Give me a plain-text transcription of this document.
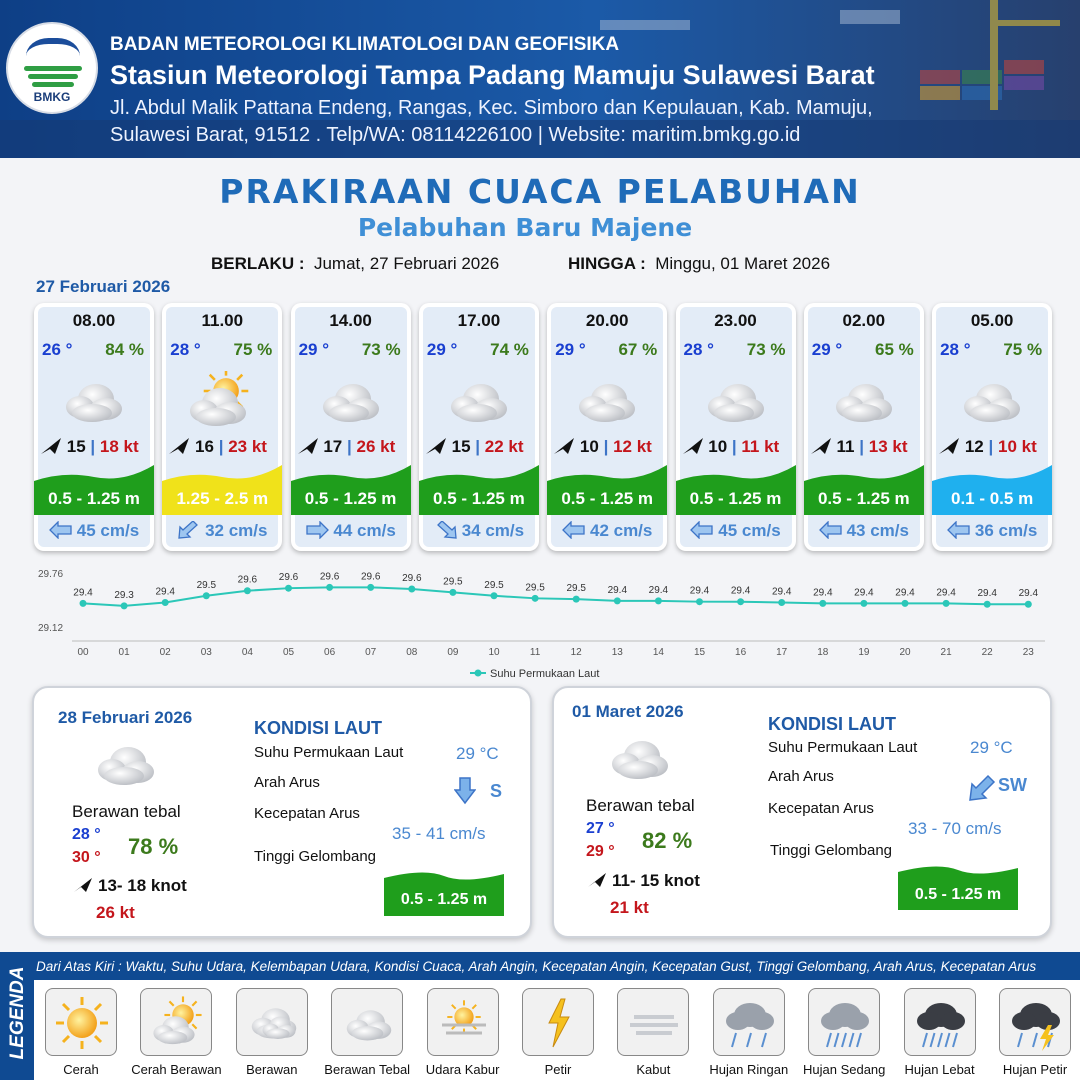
BMKG
BADAN METEOROLOGI KLIMATOLOGI DAN GEOFISIKA
Stasiun Meteorologi Tampa Padang Mamuju Sulawesi Barat
Jl. Abdul Malik Pattana Endeng, Rangas, Kec. Simboro dan Kepulauan, Kab. Mamuju,
Sulawesi Barat, 91512 . Telp/WA: 08114226100 | Website: maritim.bmkg.go.id
PRAKIRAAN CUACA PELABUHAN
Pelabuhan Baru Majene
BERLAKU : Jumat, 27 Februari 2026	HINGGA : Minggu, 01 Maret 2026
27 Februari 2026
08.00
26 ° 84 %
15 | 18 kt
0.5 - 1.25 m
45 cm/s
11.00
28 ° 75 %
16 | 23 kt
1.25 - 2.5 m
32 cm/s
14.00
29 ° 73 %
17 | 26 kt
0.5 - 1.25 m
44 cm/s
17.00
29 ° 74 %
15 | 22 kt
0.5 - 1.25 m
34 cm/s
20.00
29 ° 67 %
10 | 12 kt
0.5 - 1.25 m
42 cm/s
23.00
28 ° 73 %
10 | 11 kt
0.5 - 1.25 m
45 cm/s
02.00
29 ° 65 %
11 | 13 kt
0.5 - 1.25 m
43 cm/s
05.00
28 ° 75 %
12 | 10 kt
0.1 - 0.5 m
36 cm/s
29.76
29.12
29.4
00
29.3
01
29.4
02
29.5
03
29.6
04
29.6
05
29.6
06
29.6
07
29.6
08
29.5
09
29.5
10
29.5
11
29.5
12
29.4
13
29.4
14
29.4
15
29.4
16
29.4
17
29.4
18
29.4
19
29.4
20
29.4
21
29.4
22
29.4
23
Suhu Permukaan Laut
28 Februari 2026
Berawan tebal
28 °
30 ° 78 %
13- 18 knot
26 kt
KONDISI LAUT
Suhu Permukaan Laut	29 °C
Arah Arus	S
Kecepatan Arus
35 - 41 cm/s
Tinggi Gelombang
0.5 - 1.25 m
01 Maret 2026
Berawan tebal
27 °
29 ° 82 %
11- 15 knot
21 kt
KONDISI LAUT
Suhu Permukaan Laut	29 °C
Arah Arus	SW
Kecepatan Arus
33 - 70 cm/s
Tinggi Gelombang
0.5 - 1.25 m
LEGENDA
Dari Atas Kiri : Waktu, Suhu Udara, Kelembapan Udara, Kondisi Cuaca, Arah Angin, Kecepatan Angin, Kecepatan Gust, Tinggi Gelombang, Arah Arus, Kecepatan Arus
Cerah	Cerah Berawan	Berawan	Berawan Tebal	Udara Kabur	Petir	Kabut	Hujan Ringan	Hujan Sedang	Hujan Lebat	Hujan Petir
